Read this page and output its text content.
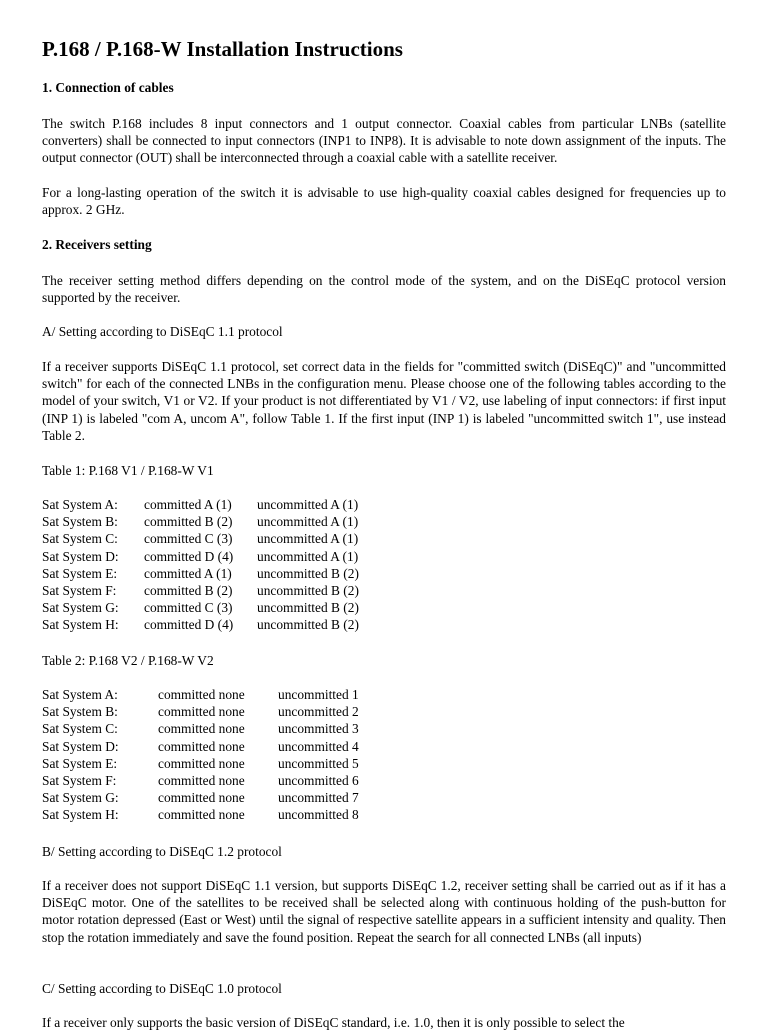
P.168 / P.168-W Installation Instructions

1. Connection of cables

The switch P.168 includes 8 input connectors and 1 output connector. Coaxial cables from particular LNBs (satellite converters) shall be connected to input connectors (INP1 to INP8). It is advisable to note down assignment of the inputs. The output connector (OUT) shall be interconnected through a coaxial cable with a satellite receiver.

For a long-lasting operation of the switch it is advisable to use high-quality coaxial cables designed for frequencies up to approx. 2 GHz.

2. Receivers setting

The receiver setting method differs depending on the control mode of the system, and on the DiSEqC protocol version supported by the receiver.

A/ Setting according to DiSEqC 1.1 protocol

If a receiver supports DiSEqC 1.1 protocol, set correct data in the fields for "committed switch (DiSEqC)" and "uncommitted switch" for each of the connected LNBs in the configuration menu. Please choose one of the following tables according to the model of your switch, V1 or V2. If your product is not differentiated by V1 / V2, use labeling of input connectors: if first input (INP 1) is labeled "com A, uncom A", follow Table 1. If the first input (INP 1) is labeled "uncommitted switch 1", use instead Table 2.

Table 1: P.168 V1 / P.168-W V1

Sat System A: committed A (1) uncommitted A (1)
Sat System B: committed B (2) uncommitted A (1)
Sat System C: committed C (3) uncommitted A (1)
Sat System D: committed D (4) uncommitted A (1)
Sat System E: committed A (1) uncommitted B (2)
Sat System F: committed B (2) uncommitted B (2)
Sat System G: committed C (3) uncommitted B (2)
Sat System H: committed D (4) uncommitted B (2)

Table 2: P.168 V2 / P.168-W V2

Sat System A:	committed none uncommitted 1
Sat System B:	committed none uncommitted 2
Sat System C:	committed none uncommitted 3
Sat System D:	committed none uncommitted 4
Sat System E:	committed none uncommitted 5
Sat System F:	committed none uncommitted 6
Sat System G:	committed none uncommitted 7
Sat System H:	committed none uncommitted 8

B/ Setting according to DiSEqC 1.2 protocol

If a receiver does not support DiSEqC 1.1 version, but supports DiSEqC 1.2, receiver setting shall be carried out as if it has a DiSEqC motor. One of the satellites to be received shall be selected along with continuous holding of the push-button for motor rotation depressed (East or West) until the signal of respective satellite appears in a sufficient intensity and quality. Then stop the rotation immediately and save the found position. Repeat the search for all connected LNBs (all inputs)

C/ Setting according to DiSEqC 1.0 protocol

If a receiver only supports the basic version of DiSEqC standard, i.e. 1.0, then it is only possible to select the
